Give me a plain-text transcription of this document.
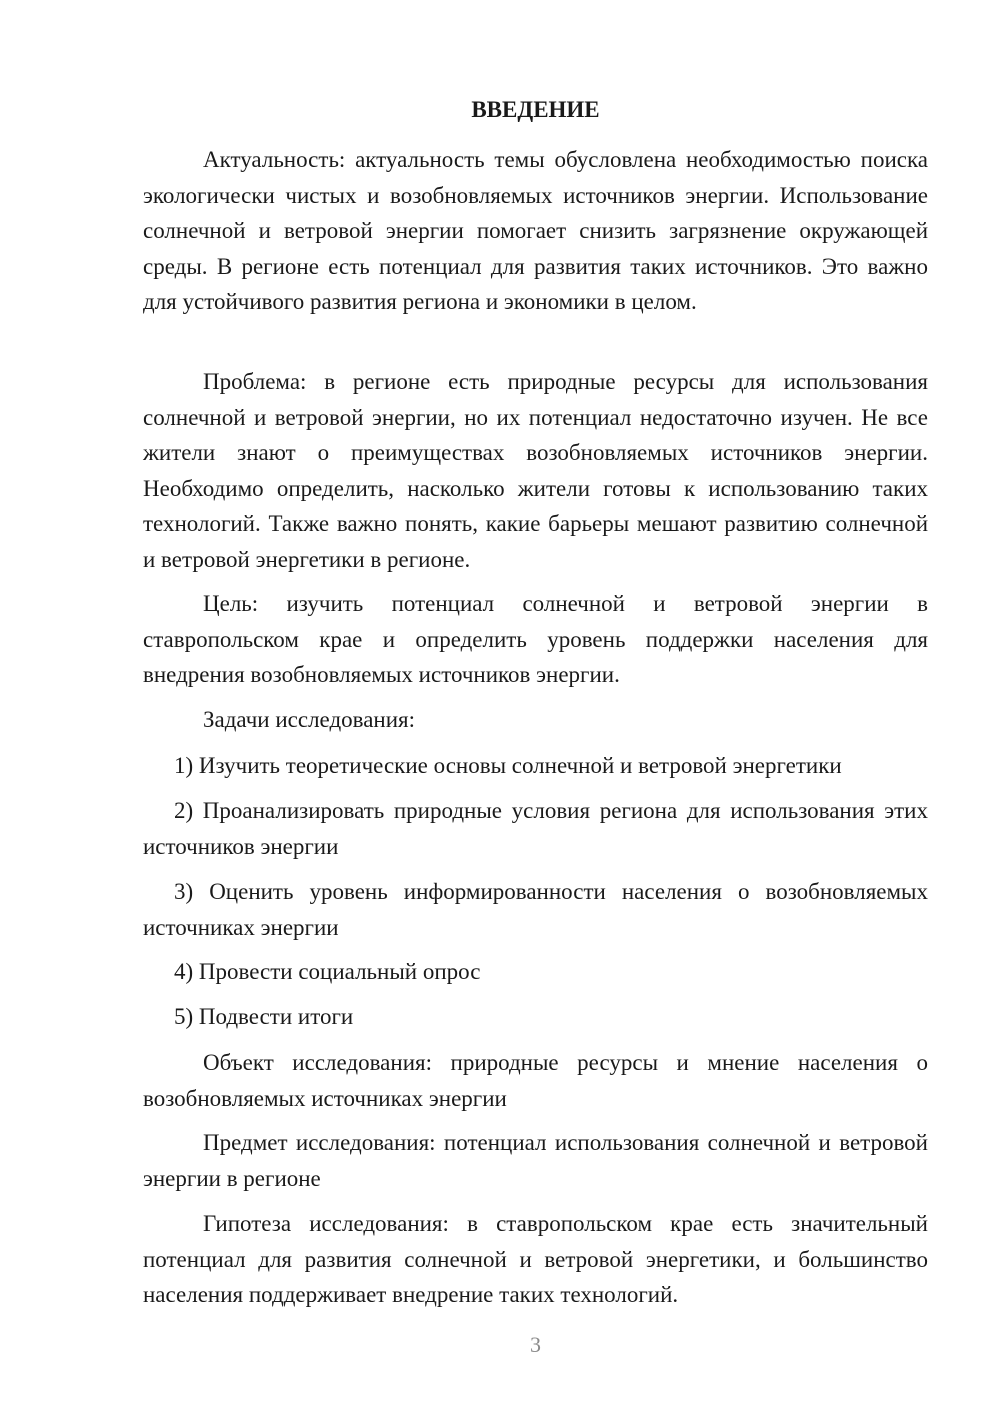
ВВЕДЕНИЕ

Актуальность: актуальность темы обусловлена необходимостью поиска экологически чистых и возобновляемых источников энергии. Использование солнечной и ветровой энергии помогает снизить загрязнение окружающей среды. В регионе есть потенциал для развития таких источников. Это важно для устойчивого развития региона и экономики в целом.

Проблема: в регионе есть природные ресурсы для использования солнечной и ветровой энергии, но их потенциал недостаточно изучен. Не все жители знают о преимуществах возобновляемых источников энергии. Необходимо определить, насколько жители готовы к использованию таких технологий. Также важно понять, какие барьеры мешают развитию солнечной и ветровой энергетики в регионе.

Цель: изучить потенциал солнечной и ветровой энергии в ставропольском крае и определить уровень поддержки населения для внедрения возобновляемых источников энергии.

Задачи исследования:

1) Изучить теоретические основы солнечной и ветровой энергетики

2) Проанализировать природные условия региона для использования этих источников энергии

3) Оценить уровень информированности населения о возобновляемых источниках энергии

4) Провести социальный опрос

5) Подвести итоги

Объект исследования: природные ресурсы и мнение населения о возобновляемых источниках энергии

Предмет исследования: потенциал использования солнечной и ветровой энергии в регионе

Гипотеза исследования: в ставропольском крае есть значительный потенциал для развития солнечной и ветровой энергетики, и большинство населения поддерживает внедрение таких технологий.

3
